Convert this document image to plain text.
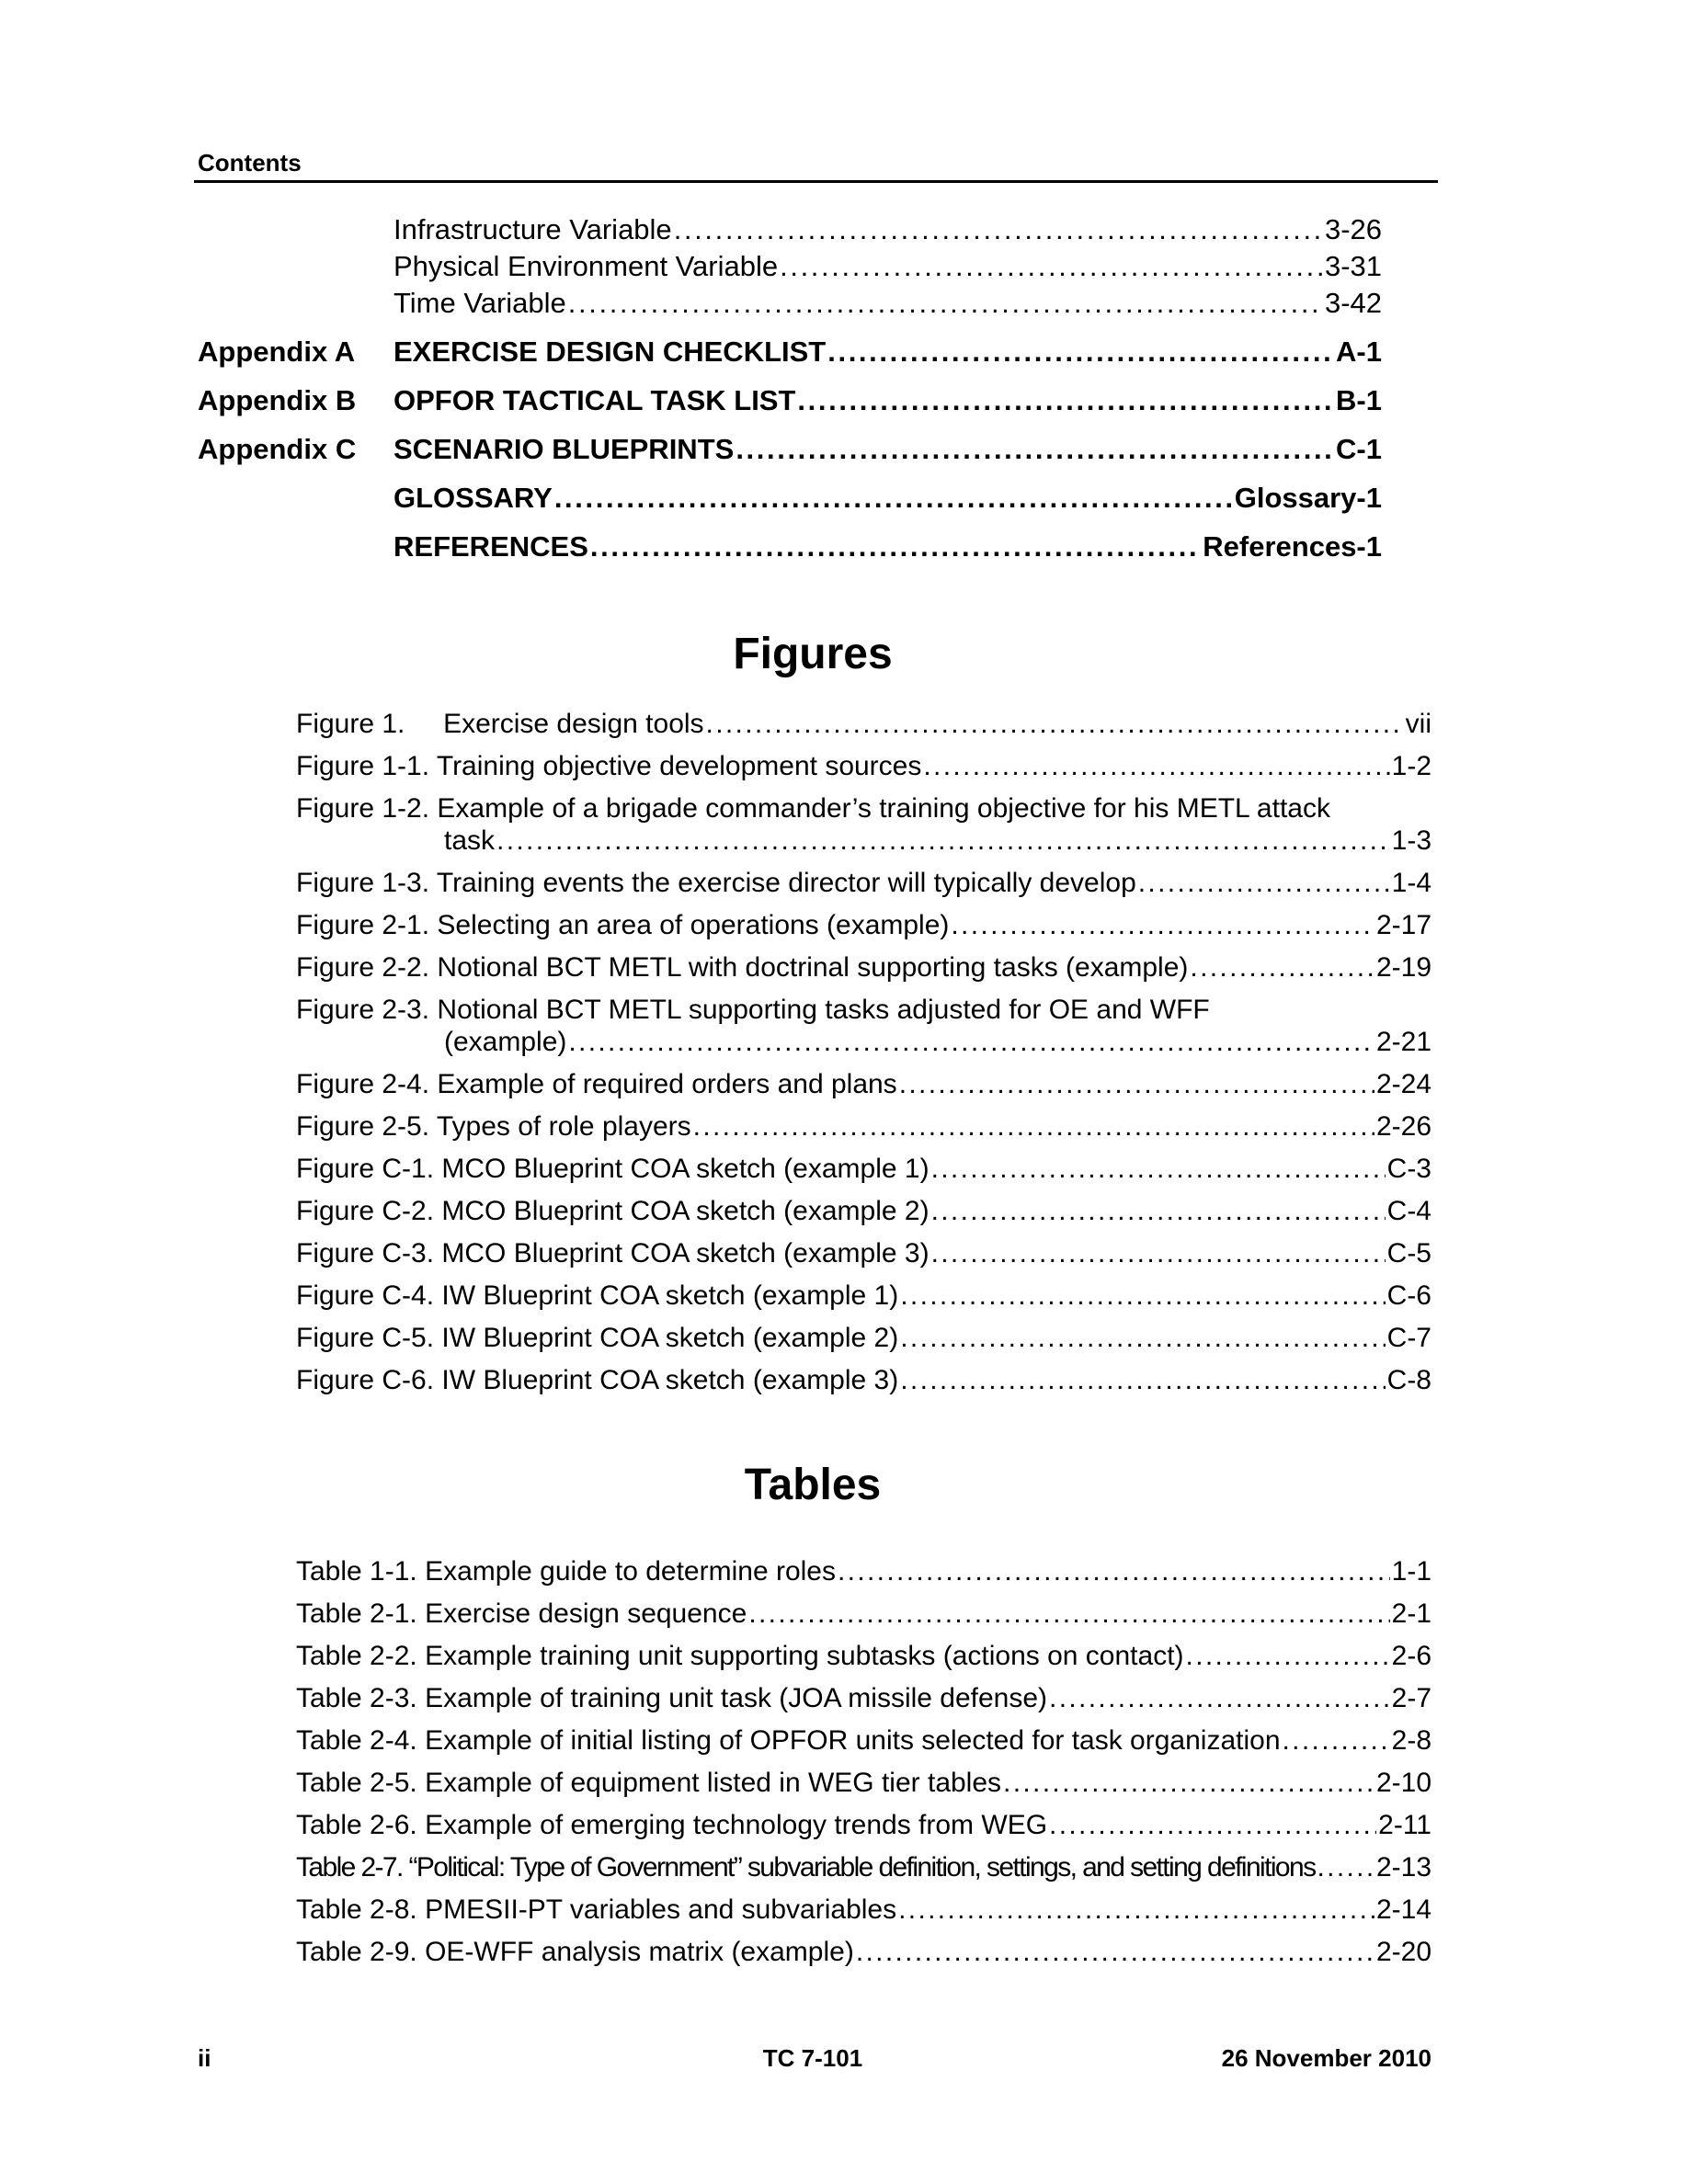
Contents
Infrastructure Variable . . .	3-26
Physical Environment Variable . . .	3-31
Time Variable . . .	3-42
Appendix A EXERCISE DESIGN CHECKLIST . . .	A-1
Appendix B OPFOR TACTICAL TASK LIST . . .	B-1
Appendix C SCENARIO BLUEPRINTS . . .	C-1
GLOSSARY . . .	Glossary-1
REFERENCES . . .	References-1
Figures
Figure 1.     Exercise design tools . . .	vii
Figure 1-1. Training objective development sources . . .	1-2
Figure 1-2. Example of a brigade commander’s training objective for his METL attack
task . . .	1-3
Figure 1-3. Training events the exercise director will typically develop . . .	1-4
Figure 2-1. Selecting an area of operations (example) . . .	2-17
Figure 2-2. Notional BCT METL with doctrinal supporting tasks (example) . . .	2-19
Figure 2-3. Notional BCT METL supporting tasks adjusted for OE and WFF
(example) . . .	2-21
Figure 2-4. Example of required orders and plans . . .	2-24
Figure 2-5. Types of role players . . .	2-26
Figure C-1. MCO Blueprint COA sketch (example 1) . . .	C-3
Figure C-2. MCO Blueprint COA sketch (example 2) . . .	C-4
Figure C-3. MCO Blueprint COA sketch (example 3) . . .	C-5
Figure C-4. IW Blueprint COA sketch (example 1) . . .	C-6
Figure C-5. IW Blueprint COA sketch (example 2) . . .	C-7
Figure C-6. IW Blueprint COA sketch (example 3) . . .	C-8
Tables
Table 1-1. Example guide to determine roles . . .	1-1
Table 2-1. Exercise design sequence . . .	2-1
Table 2-2. Example training unit supporting subtasks (actions on contact) . . .	2-6
Table 2-3. Example of training unit task (JOA missile defense) . . .	2-7
Table 2-4. Example of initial listing of OPFOR units selected for task organization . . .	2-8
Table 2-5. Example of equipment listed in WEG tier tables . . .	2-10
Table 2-6. Example of emerging technology trends from WEG . . .	2-11
Table 2-7. “Political: Type of Government” subvariable definition, settings, and setting definitions . . . 2-13
Table 2-8. PMESII-PT variables and subvariables . . .	2-14
Table 2-9. OE-WFF analysis matrix (example) . . .	2-20
ii	TC 7-101	26 November 2010
